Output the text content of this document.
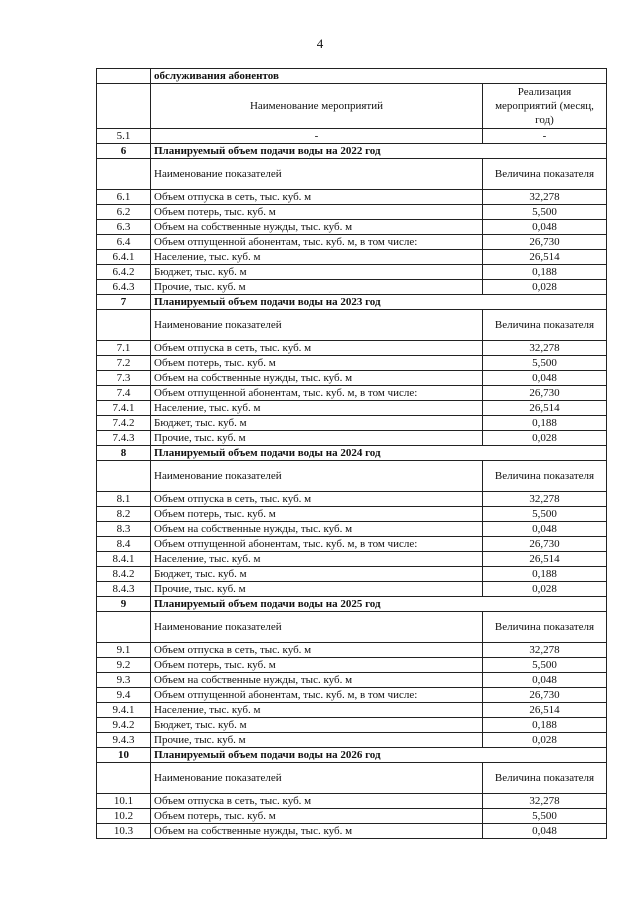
4
	обслуживания абонентов	
	Наименование мероприятий	Реализация мероприятий (месяц, год)
5.1	-	-
6	Планируемый объем подачи воды на 2022 год	
	Наименование показателей	Величина показателя
6.1	Объем отпуска в сеть, тыс. куб. м	32,278
6.2	Объем потерь, тыс. куб. м	5,500
6.3	Объем на собственные нужды, тыс. куб. м	0,048
6.4	Объем отпущенной абонентам, тыс. куб. м, в том числе:	26,730
6.4.1	Население, тыс. куб. м	26,514
6.4.2	Бюджет, тыс. куб. м	0,188
6.4.3	Прочие, тыс. куб. м	0,028
7	Планируемый объем подачи воды на 2023 год	
	Наименование показателей	Величина показателя
7.1	Объем отпуска в сеть, тыс. куб. м	32,278
7.2	Объем потерь, тыс. куб. м	5,500
7.3	Объем на собственные нужды, тыс. куб. м	0,048
7.4	Объем отпущенной абонентам, тыс. куб. м, в том числе:	26,730
7.4.1	Население, тыс. куб. м	26,514
7.4.2	Бюджет, тыс. куб. м	0,188
7.4.3	Прочие, тыс. куб. м	0,028
8	Планируемый объем подачи воды на 2024 год	
	Наименование показателей	Величина показателя
8.1	Объем отпуска в сеть, тыс. куб. м	32,278
8.2	Объем потерь, тыс. куб. м	5,500
8.3	Объем на собственные нужды, тыс. куб. м	0,048
8.4	Объем отпущенной абонентам, тыс. куб. м, в том числе:	26,730
8.4.1	Население, тыс. куб. м	26,514
8.4.2	Бюджет, тыс. куб. м	0,188
8.4.3	Прочие, тыс. куб. м	0,028
9	Планируемый объем подачи воды на 2025 год	
	Наименование показателей	Величина показателя
9.1	Объем отпуска в сеть, тыс. куб. м	32,278
9.2	Объем потерь, тыс. куб. м	5,500
9.3	Объем на собственные нужды, тыс. куб. м	0,048
9.4	Объем отпущенной абонентам, тыс. куб. м, в том числе:	26,730
9.4.1	Население, тыс. куб. м	26,514
9.4.2	Бюджет, тыс. куб. м	0,188
9.4.3	Прочие, тыс. куб. м	0,028
10	Планируемый объем подачи воды на 2026 год	
	Наименование показателей	Величина показателя
10.1	Объем отпуска в сеть, тыс. куб. м	32,278
10.2	Объем потерь, тыс. куб. м	5,500
10.3	Объем на собственные нужды, тыс. куб. м	0,048
